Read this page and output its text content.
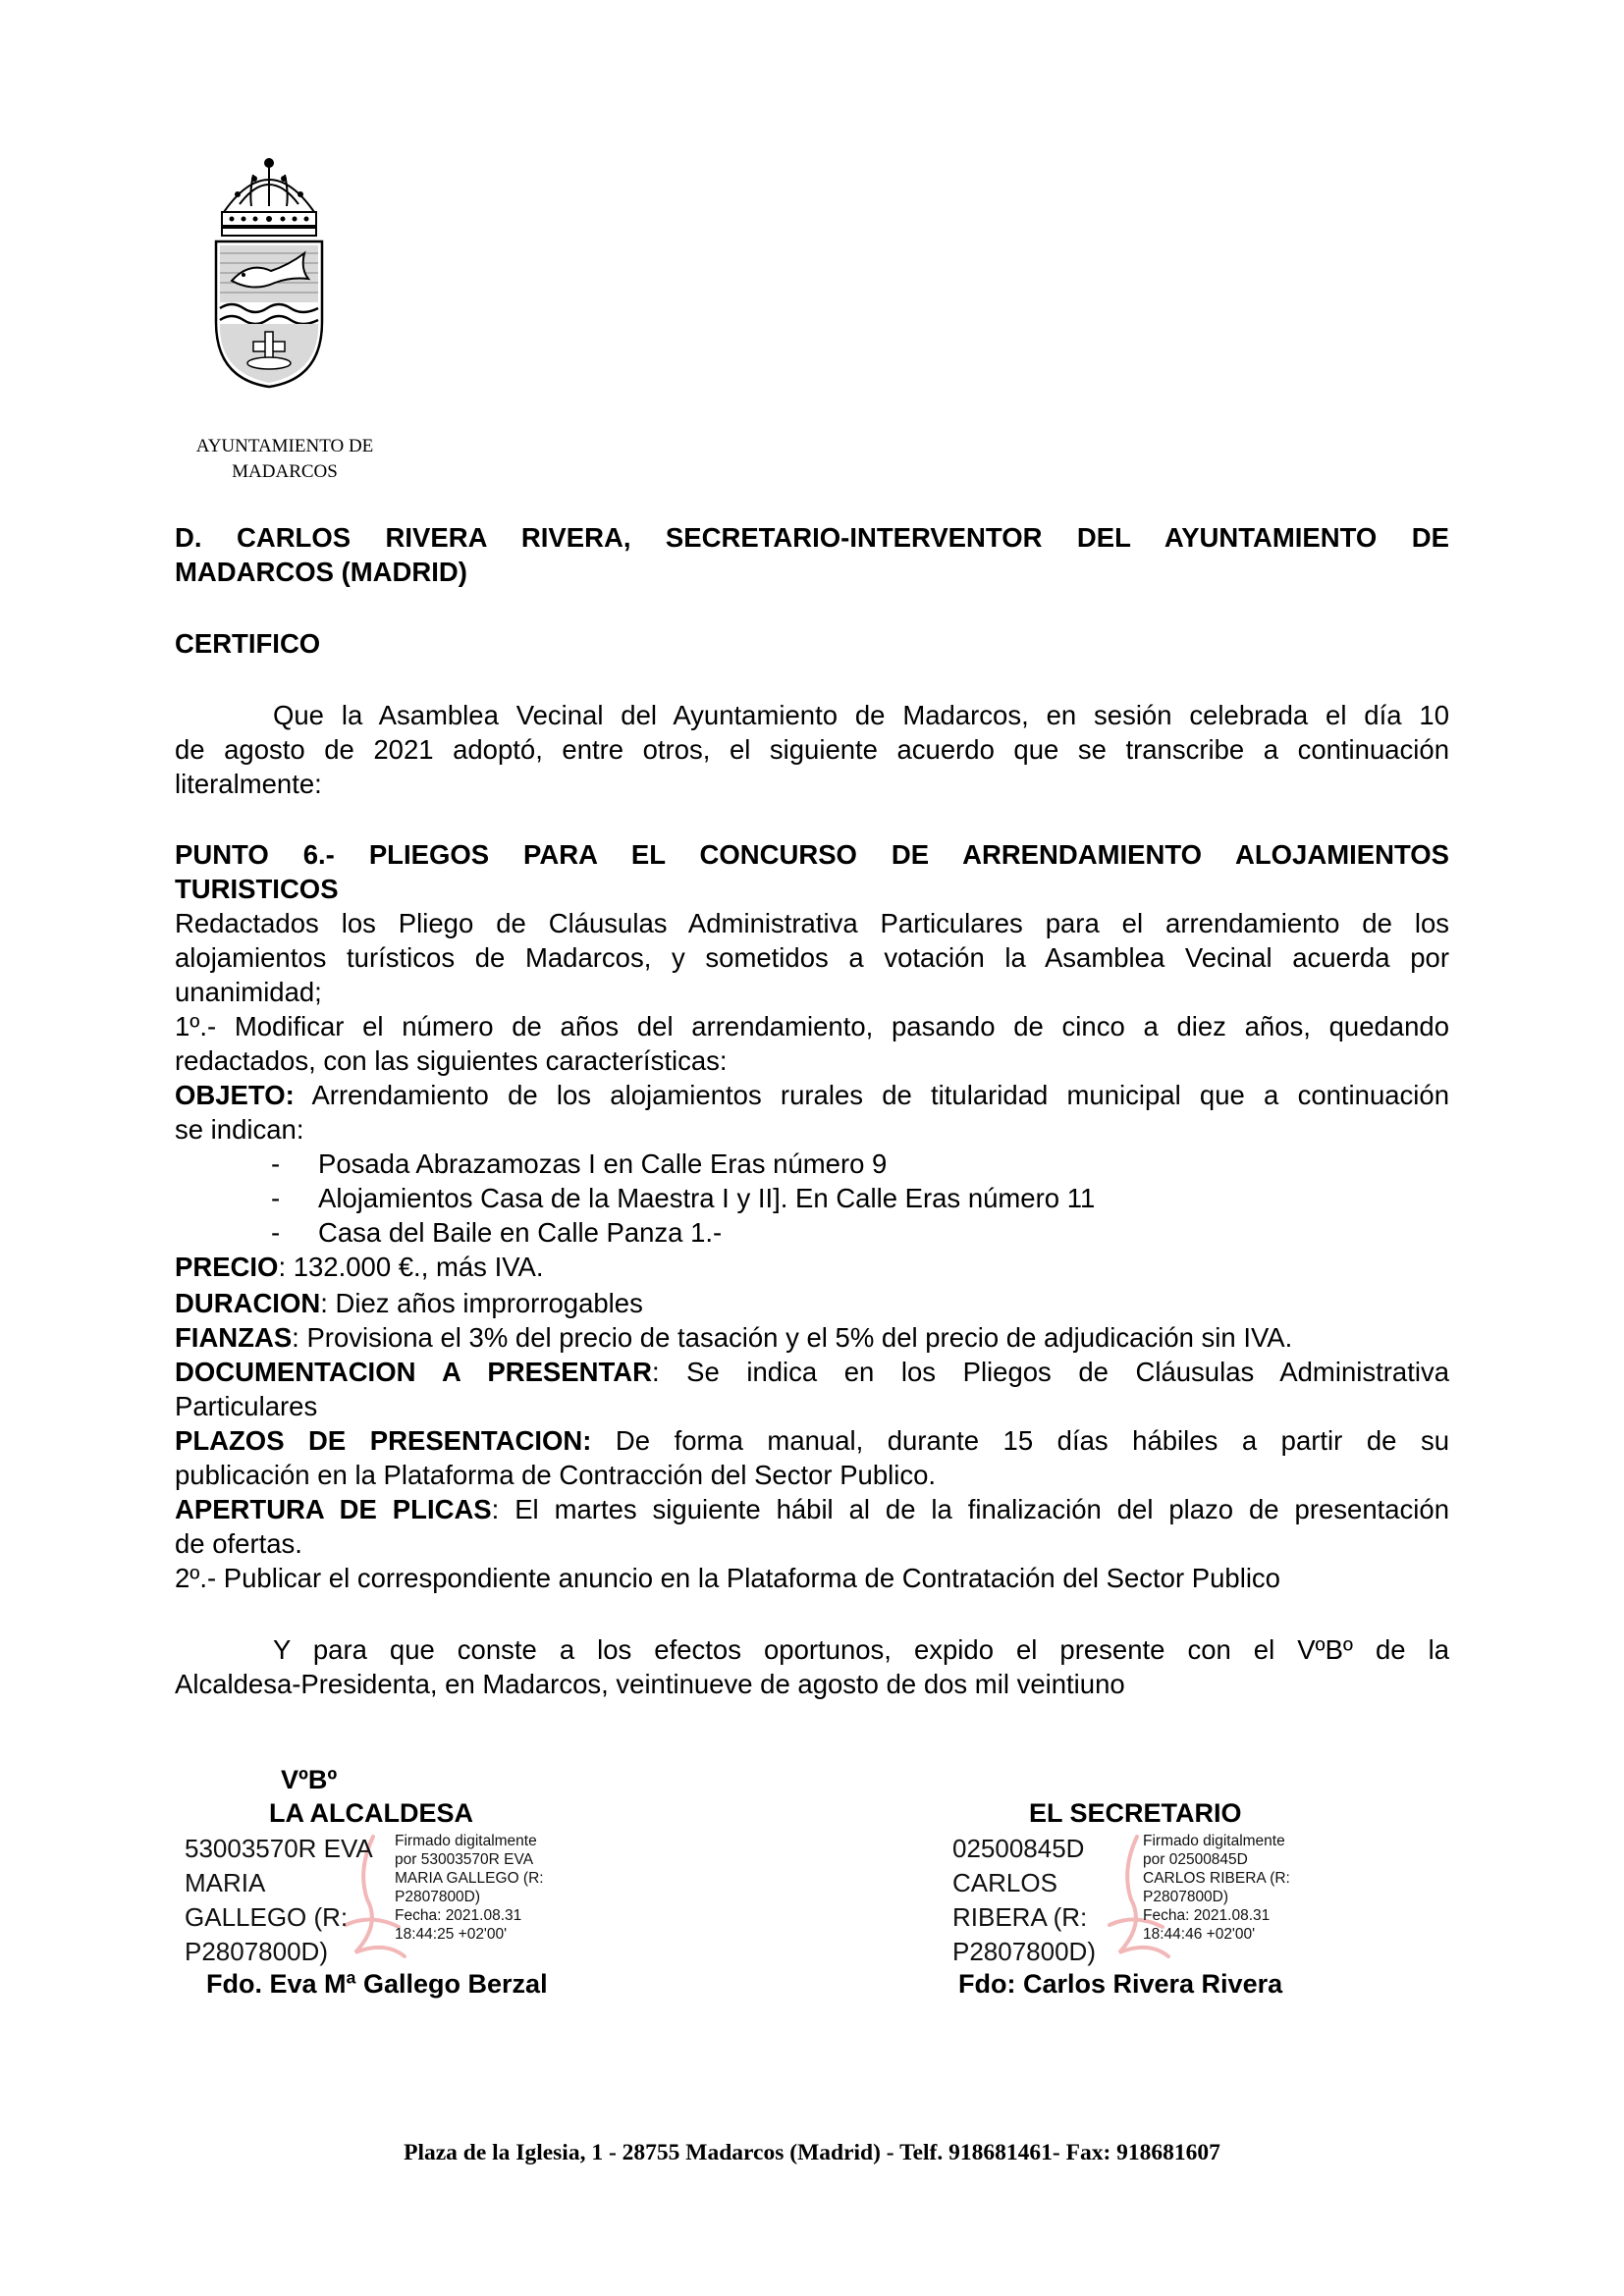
AYUNTAMIENTO DE
MADARCOS
D. CARLOS RIVERA RIVERA, SECRETARIO-INTERVENTOR DEL AYUNTAMIENTO DE
MADARCOS (MADRID)
CERTIFICO
Que la Asamblea Vecinal del Ayuntamiento de Madarcos, en sesión celebrada el día 10
de agosto de 2021 adoptó, entre otros, el siguiente acuerdo que se transcribe a continuación
literalmente:
PUNTO 6.- PLIEGOS PARA EL CONCURSO DE ARRENDAMIENTO ALOJAMIENTOS
TURISTICOS
Redactados los Pliego de Cláusulas Administrativa Particulares para el arrendamiento de los
alojamientos turísticos de Madarcos, y sometidos a votación la Asamblea Vecinal acuerda por
unanimidad;
1º.- Modificar el número de años del arrendamiento, pasando de cinco a diez años, quedando
redactados, con las siguientes características:
OBJETO: Arrendamiento de los alojamientos rurales de titularidad municipal que a continuación
se indican:
-	Posada Abrazamozas I en Calle Eras número 9
-	Alojamientos Casa de la Maestra I y II]. En Calle Eras número 11
-	Casa del Baile en Calle Panza 1.-
PRECIO: 132.000 €., más IVA.
DURACION: Diez años improrrogables
FIANZAS: Provisiona el 3% del precio de tasación y el 5% del precio de adjudicación sin IVA.
DOCUMENTACION A PRESENTAR: Se indica en los Pliegos de Cláusulas Administrativa
Particulares
PLAZOS DE PRESENTACION: De forma manual, durante 15 días hábiles a partir de su
publicación en la Plataforma de Contracción del Sector Publico.
APERTURA DE PLICAS: El martes siguiente hábil al de la finalización del plazo de presentación
de ofertas.
2º.- Publicar el correspondiente anuncio en la Plataforma de Contratación del Sector Publico
Y para que conste a los efectos oportunos, expido el presente con el VºBº de la
Alcaldesa-Presidenta, en Madarcos, veintinueve de agosto de dos mil veintiuno
VºBº
LA ALCALDESA
53003570R EVA
MARIA
GALLEGO (R:
P2807800D)
Firmado digitalmente
por 53003570R EVA
MARIA GALLEGO (R:
P2807800D)
Fecha: 2021.08.31
18:44:25 +02'00'
Fdo. Eva Mª Gallego Berzal
EL SECRETARIO
02500845D
CARLOS
RIBERA (R:
P2807800D)
Firmado digitalmente
por 02500845D
CARLOS RIBERA (R:
P2807800D)
Fecha: 2021.08.31
18:44:46 +02'00'
Fdo: Carlos Rivera Rivera
Plaza de la Iglesia, 1 - 28755 Madarcos (Madrid) - Telf. 918681461- Fax: 918681607
